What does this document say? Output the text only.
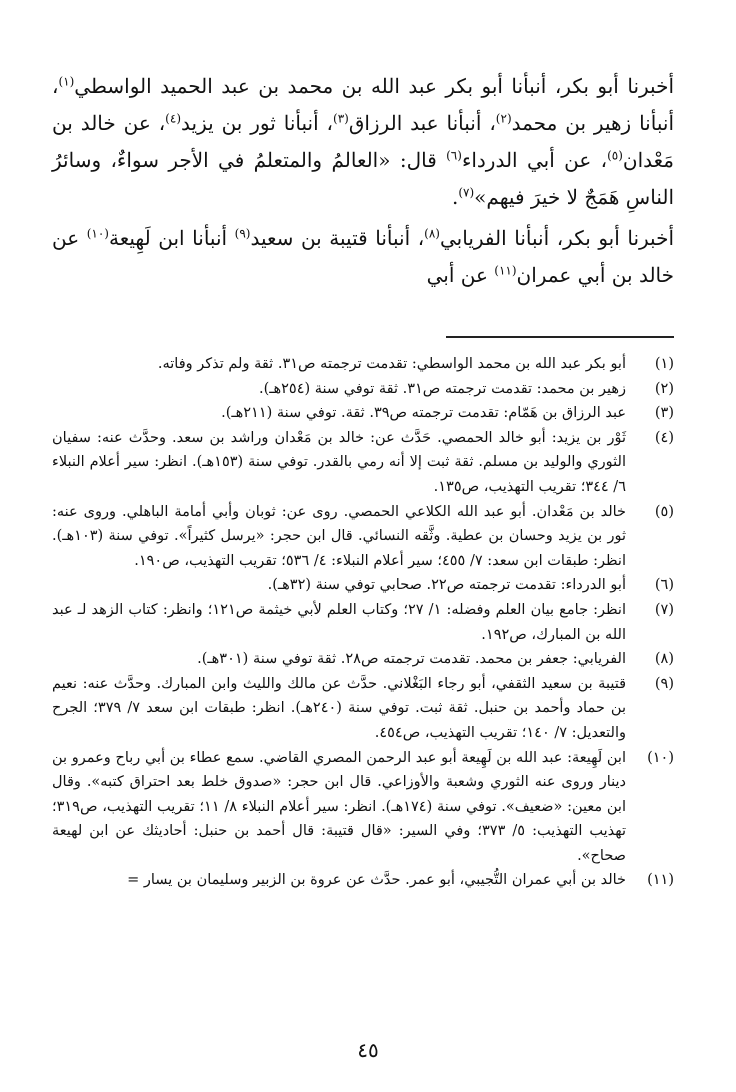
أخبرنا أبو بكر، أنبأنا أبو بكر عبد الله بن محمد بن عبد الحميد الواسطي$^{(١)}$، أنبأنا زهير بن محمد$^{(٢)}$، أنبأنا عبد الرزاق$^{(٣)}$، أنبأنا ثور بن يزيد$^{(٤)}$، عن خالد بن مَعْدان$^{(٥)}$، عن أبي الدرداء$^{(٦)}$ قال: «العالمُ والمتعلمُ في الأجر سواءٌ، وسائرُ الناسِ هَمَجٌ لا خيرَ فيهم»$^{(٧)}$.

أخبرنا أبو بكر، أنبأنا الفريابي$^{(٨)}$، أنبأنا قتيبة بن سعيد$^{(٩)}$ أنبأنا ابن لَهِيعة$^{(١٠)}$ عن خالد بن أبي عمران$^{(١١)}$ عن أبي

(١)
أبو بكر عبد الله بن محمد الواسطي: تقدمت ترجمته ص٣١. ثقة ولم تذكر وفاته.
(٢)
زهير بن محمد: تقدمت ترجمته ص٣١. ثقة توفي سنة (٢٥٤هـ).
(٣)
عبد الرزاق بن هَمّام: تقدمت ترجمته ص٣٩. ثقة. توفي سنة (٢١١هـ).
(٤)
ثَوْر بن يزيد: أبو خالد الحمصي. حَدَّث عن: خالد بن مَعْدان وراشد بن سعد. وحدَّث عنه: سفيان الثوري والوليد بن مسلم. ثقة ثبت إلا أنه رمي بالقدر. توفي سنة (١٥٣هـ). انظر: سير أعلام النبلاء ٦/ ٣٤٤؛ تقريب التهذيب، ص١٣٥.
(٥)
خالد بن مَعْدان. أبو عبد الله الكلاعي الحمصي. روى عن: ثوبان وأبي أمامة الباهلي. وروى عنه: ثور بن يزيد وحسان بن عطية. وثَّقه النسائي. قال ابن حجر: «يرسل كثيراً». توفي سنة (١٠٣هـ). انظر: طبقات ابن سعد: ٧/ ٤٥٥؛ سير أعلام النبلاء: ٤/ ٥٣٦؛ تقريب التهذيب، ص١٩٠.
(٦)
أبو الدرداء: تقدمت ترجمته ص٢٢. صحابي توفي سنة (٣٢هـ).
(٧)
انظر: جامع بيان العلم وفضله: ١/ ٢٧؛ وكتاب العلم لأبي خيثمة ص١٢١؛ وانظر: كتاب الزهد لـ عبد الله بن المبارك، ص١٩٢.
(٨)
الفريابي: جعفر بن محمد. تقدمت ترجمته ص٢٨. ثقة توفي سنة (٣٠١هـ).
(٩)
قتيبة بن سعيد الثقفي، أبو رجاء البَغْلاني. حدَّث عن مالك والليث وابن المبارك. وحدَّث عنه: نعيم بن حماد وأحمد بن حنبل. ثقة ثبت. توفي سنة (٢٤٠هـ). انظر: طبقات ابن سعد ٧/ ٣٧٩؛ الجرح والتعديل: ٧/ ١٤٠؛ تقريب التهذيب، ص٤٥٤.
(١٠)
ابن لَهِيعة: عبد الله بن لَهِيعة أبو عبد الرحمن المصري القاضي. سمع عطاء بن أبي رباح وعمرو بن دينار وروى عنه الثوري وشعبة والأوزاعي. قال ابن حجر: «صدوق خلط بعد احتراق كتبه». وقال ابن معين: «ضعيف». توفي سنة (١٧٤هـ). انظر: سير أعلام النبلاء ٨/ ١١؛ تقريب التهذيب، ص٣١٩؛ تهذيب التهذيب: ٥/ ٣٧٣؛ وفي السير: «قال قتيبة: قال أحمد بن حنبل: أحاديثك عن ابن لهيعة صحاح».
(١١)
خالد بن أبي عمران التُّجيبي، أبو عمر. حدَّث عن عروة بن الزبير وسليمان بن يسار =
٤٥
